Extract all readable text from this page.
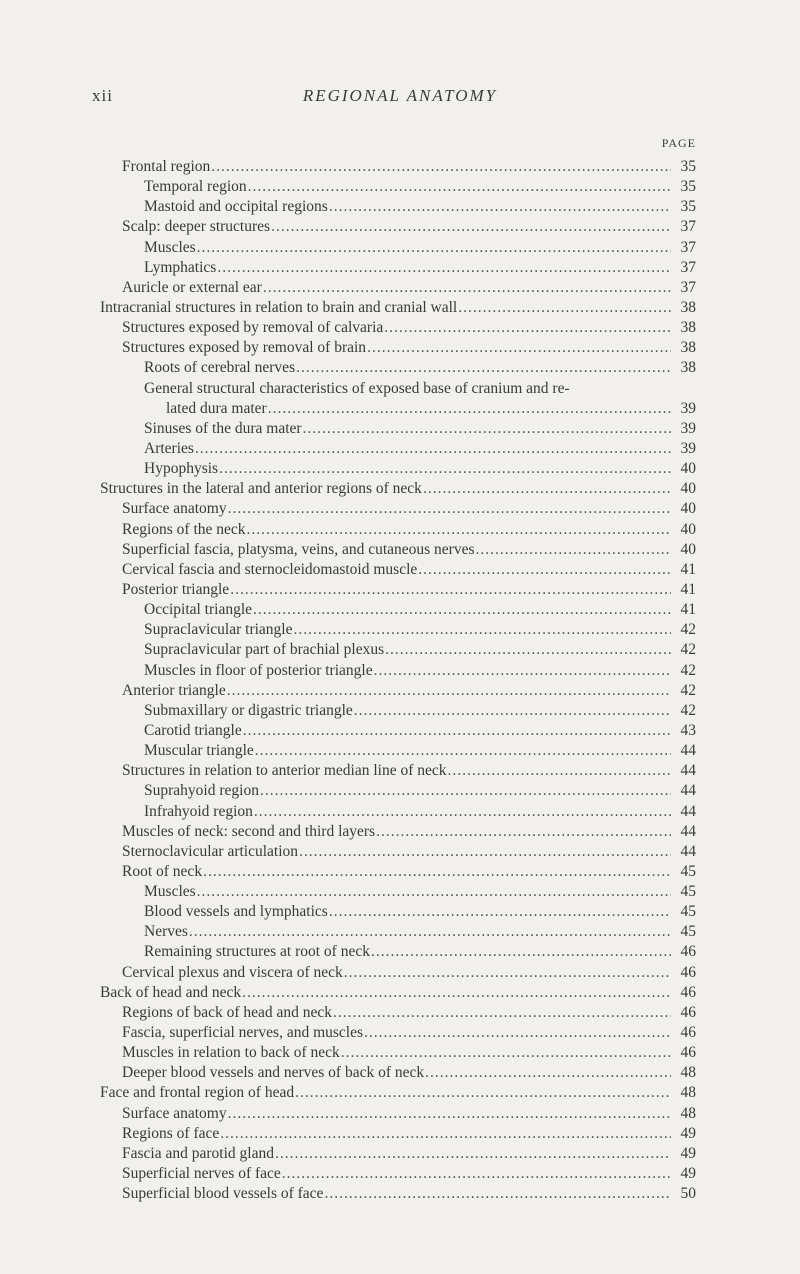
xii	REGIONAL ANATOMY
PAGE
Frontal region .....	35
Temporal region .....	35
Mastoid and occipital regions .....	35
Scalp: deeper structures .....	37
Muscles .....	37
Lymphatics .....	37
Auricle or external ear .....	37
Intracranial structures in relation to brain and cranial wall .....	38
Structures exposed by removal of calvaria .....	38
Structures exposed by removal of brain .....	38
Roots of cerebral nerves .....	38
General structural characteristics of exposed base of cranium and re-
lated dura mater .....	39
Sinuses of the dura mater .....	39
Arteries .....	39
Hypophysis .....	40
Structures in the lateral and anterior regions of neck .....	40
Surface anatomy .....	40
Regions of the neck .....	40
Superficial fascia, platysma, veins, and cutaneous nerves .....	40
Cervical fascia and sternocleidomastoid muscle .....	41
Posterior triangle .....	41
Occipital triangle .....	41
Supraclavicular triangle .....	42
Supraclavicular part of brachial plexus .....	42
Muscles in floor of posterior triangle .....	42
Anterior triangle .....	42
Submaxillary or digastric triangle .....	42
Carotid triangle .....	43
Muscular triangle .....	44
Structures in relation to anterior median line of neck .....	44
Suprahyoid region .....	44
Infrahyoid region .....	44
Muscles of neck: second and third layers .....	44
Sternoclavicular articulation .....	44
Root of neck .....	45
Muscles .....	45
Blood vessels and lymphatics .....	45
Nerves .....	45
Remaining structures at root of neck .....	46
Cervical plexus and viscera of neck .....	46
Back of head and neck .....	46
Regions of back of head and neck .....	46
Fascia, superficial nerves, and muscles .....	46
Muscles in relation to back of neck .....	46
Deeper blood vessels and nerves of back of neck .....	48
Face and frontal region of head .....	48
Surface anatomy .....	48
Regions of face .....	49
Fascia and parotid gland .....	49
Superficial nerves of face .....	49
Superficial blood vessels of face .....	50
